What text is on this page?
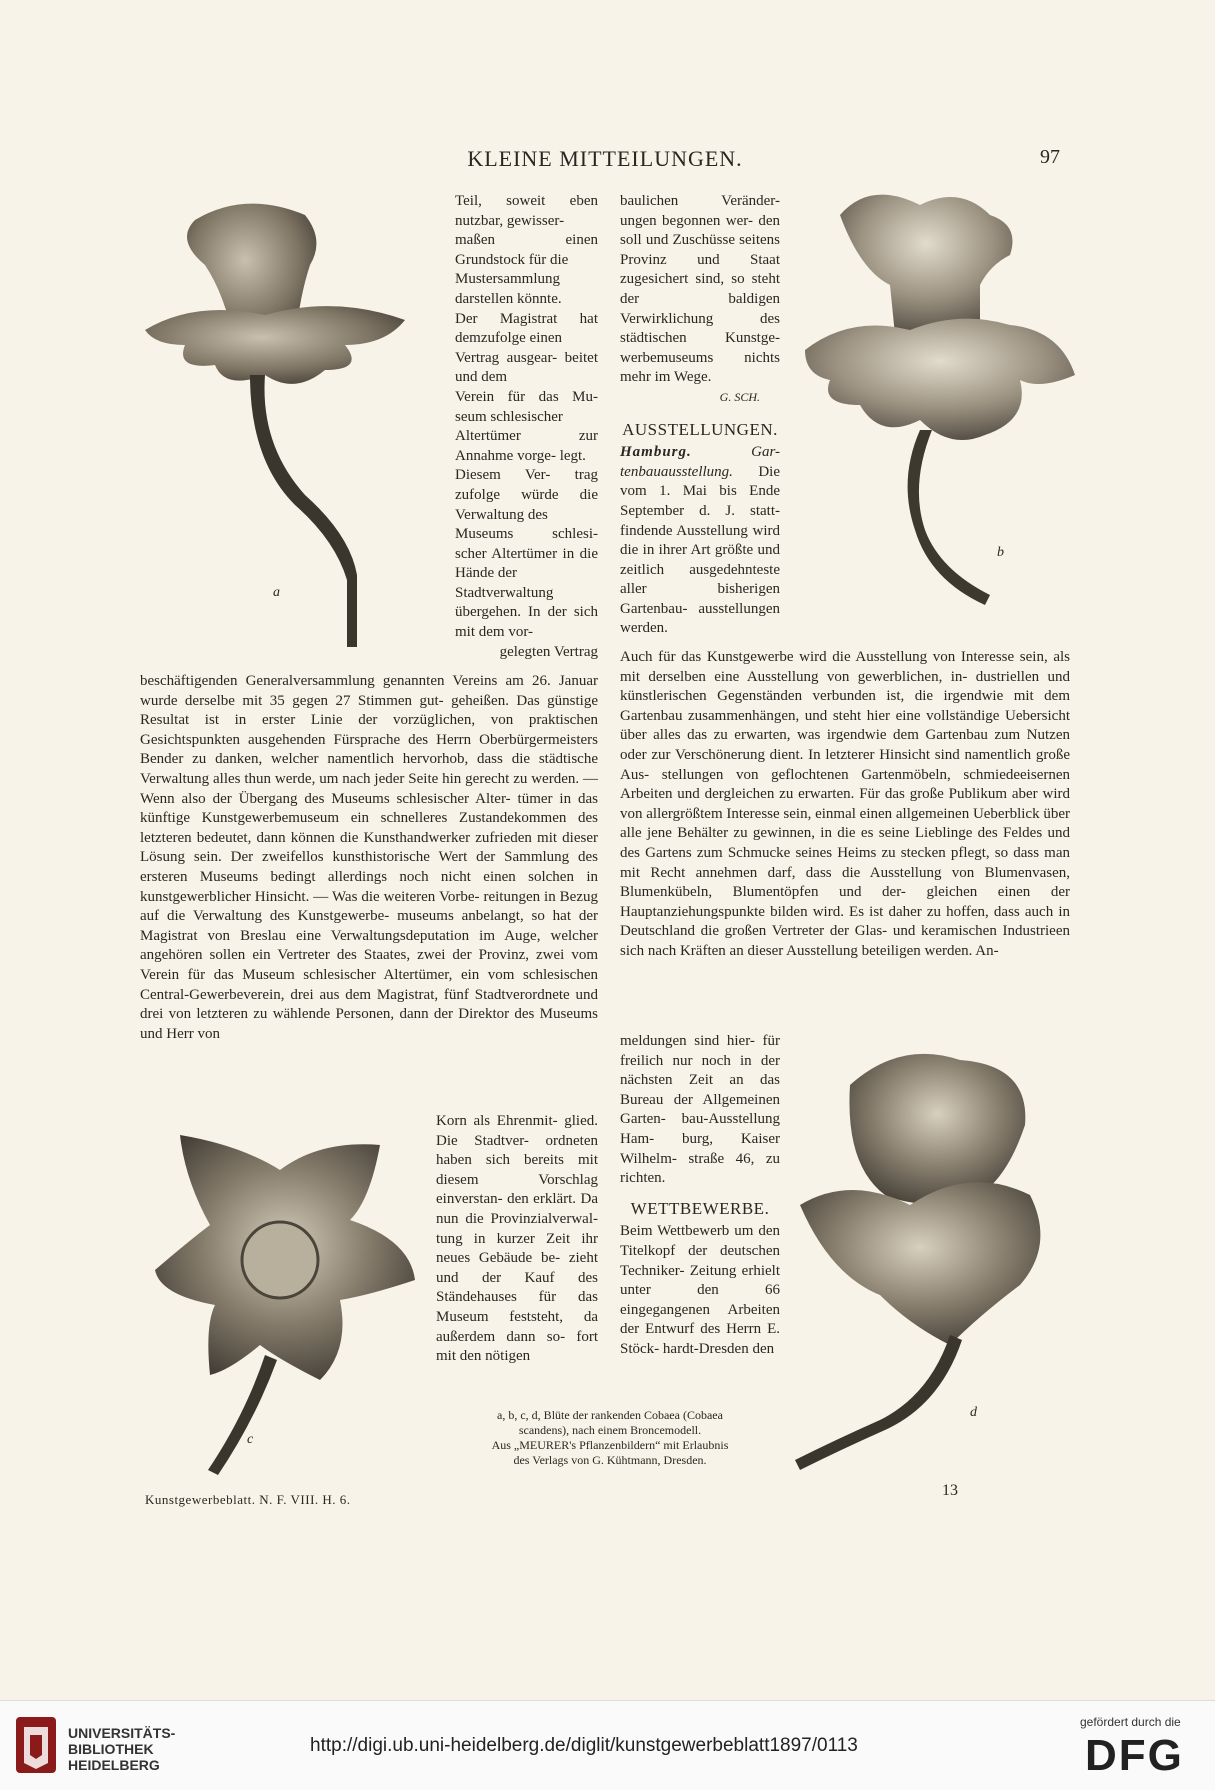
KLEINE MITTEILUNGEN.	97
a
b
c
d

Teil, soweit eben nutzbar, gewisser-

maßen einen Grundstock für die

Mustersammlung darstellen könnte.

Der Magistrat hat demzufolge einen

Vertrag ausgear- beitet und dem

Verein für das Mu- seum schlesischer

Altertümer zur Annahme vorge- legt.

Diesem Ver- trag zufolge würde die Verwaltung des

Museums schlesi- scher Altertümer in die Hände der

Stadtverwaltung übergehen. In der sich mit dem vor-

gelegten Vertrag

beschäftigenden Generalversammlung genannten Vereins am 26. Januar wurde derselbe mit 35 gegen 27 Stimmen gut- geheißen. Das günstige Resultat ist in erster Linie der vorzüglichen, von praktischen Gesichtspunkten ausgehenden Fürsprache des Herrn Oberbürgermeisters Bender zu danken, welcher namentlich hervorhob, dass die städtische Verwaltung alles thun werde, um nach jeder Seite hin gerecht zu werden. — Wenn also der Übergang des Museums schlesischer Alter- tümer in das künftige Kunstgewerbemuseum ein schnelleres Zustandekommen des letzteren bedeutet, dann können die Kunsthandwerker zufrieden mit dieser Lösung sein. Der zweifellos kunsthistorische Wert der Sammlung des ersteren Museums bedingt allerdings noch nicht einen solchen in kunstgewerblicher Hinsicht. — Was die weiteren Vorbe- reitungen in Bezug auf die Verwaltung des Kunstgewerbe- museums anbelangt, so hat der Magistrat von Breslau eine Verwaltungsdeputation im Auge, welcher angehören sollen ein Vertreter des Staates, zwei der Provinz, zwei vom Verein für das Museum schlesischer Altertümer, ein vom schlesischen Central-Gewerbeverein, drei aus dem Magistrat, fünf Stadtverordnete und drei von letzteren zu wählende Personen, dann der Direktor des Museums und Herr von

Korn als Ehrenmit- glied. Die Stadtver- ordneten haben sich bereits mit diesem Vorschlag einverstan- den erklärt. Da nun die Provinzialverwal- tung in kurzer Zeit ihr neues Gebäude be- zieht und der Kauf des Ständehauses für das Museum feststeht, da außerdem dann so- fort mit den nötigen

baulichen Veränder- ungen begonnen wer- den soll und Zuschüsse seitens Provinz und Staat zugesichert sind, so steht der baldigen Verwirklichung des städtischen Kunstge- werbemuseums nichts mehr im Wege.

G. SCH.
AUSSTELLUNGEN.

Hamburg.	Gar- tenbauausstellung. Die vom 1. Mai bis Ende September d. J. statt- findende Ausstellung wird die in ihrer Art größte und zeitlich ausgedehnteste aller bisherigen Gartenbau- ausstellungen werden.

Auch für das Kunstgewerbe wird die Ausstellung von Interesse sein, als mit derselben eine Ausstellung von gewerblichen, in- dustriellen und künstlerischen Gegenständen verbunden ist, die irgendwie mit dem Gartenbau zusammenhängen, und steht hier eine vollständige Uebersicht über alles das zu erwarten, was irgendwie dem Gartenbau zum Nutzen oder zur Verschönerung dient. In letzterer Hinsicht sind namentlich große Aus- stellungen von geflochtenen Gartenmöbeln, schmiedeeisernen Arbeiten und dergleichen zu erwarten. Für das große Publikum aber wird von allergrößtem Interesse sein, einmal einen allgemeinen Ueberblick über alle jene Behälter zu gewinnen, in die es seine Lieblinge des Feldes und des Gartens zum Schmucke seines Heims zu stecken pflegt, so dass man mit Recht annehmen darf, dass die Ausstellung von Blumenvasen, Blumenkübeln, Blumentöpfen und der- gleichen einen der Hauptanziehungspunkte bilden wird. Es ist daher zu hoffen, dass auch in Deutschland die großen Vertreter der Glas- und keramischen Industrieen sich nach Kräften an dieser Ausstellung beteiligen werden. An-

meldungen sind hier- für freilich nur noch in der nächsten Zeit an das Bureau der Allgemeinen Garten- bau-Ausstellung Ham- burg, Kaiser Wilhelm- straße 46, zu richten.

WETTBEWERBE.

Beim Wettbewerb um den Titelkopf der deutschen Techniker- Zeitung erhielt unter den 66 eingegangenen Arbeiten der Entwurf des Herrn E. Stöck- hardt-Dresden den

a, b, c, d, Blüte der rankenden Cobaea (Cobaea
scandens), nach einem Broncemodell.
Aus „MEURER's Pflanzenbildern“ mit Erlaubnis
des Verlags von G. Kühtmann, Dresden.
Kunstgewerbeblatt. N. F. VIII. H. 6.
13
UNIVERSITÄTS-
BIBLIOTHEK
HEIDELBERG
http://digi.ub.uni-heidelberg.de/diglit/kunstgewerbeblatt1897/0113
gefördert durch die
DFG
